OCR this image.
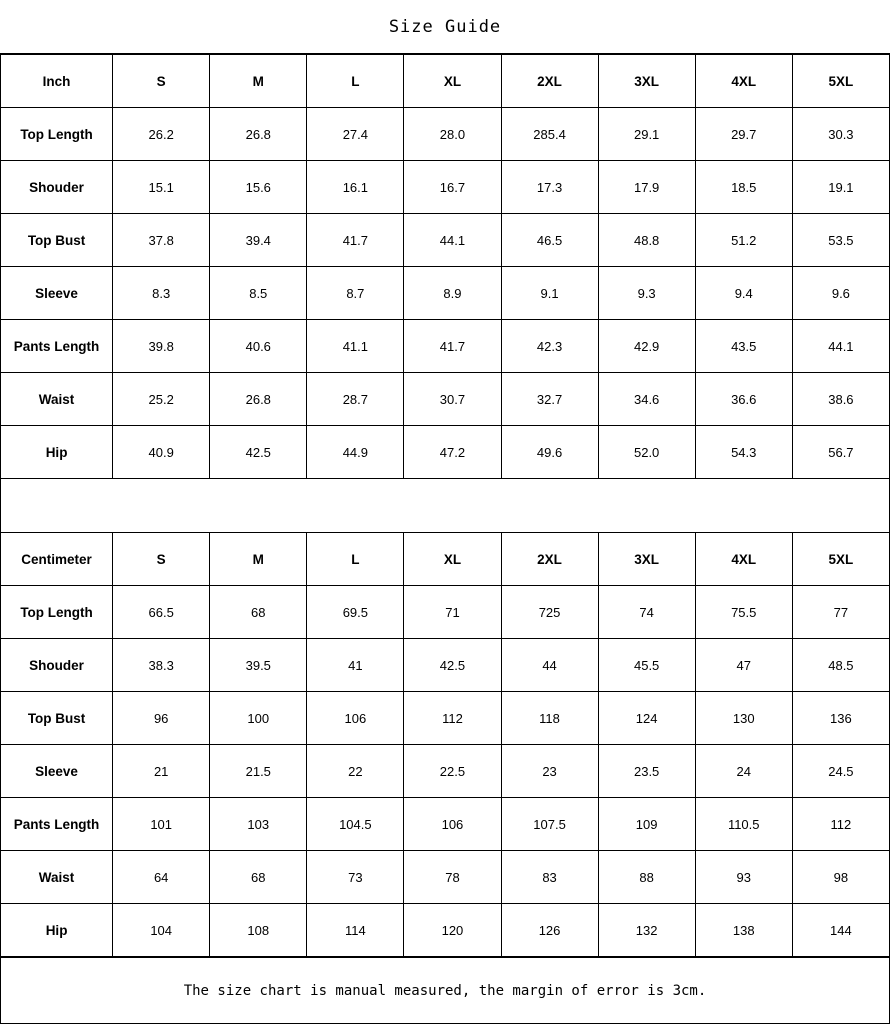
Size Guide
Inch	S	M	L	XL	2XL	3XL	4XL	5XL
Top Length	26.2	26.8	27.4	28.0	285.4	29.1	29.7	30.3
Shouder	15.1	15.6	16.1	16.7	17.3	17.9	18.5	19.1
Top Bust	37.8	39.4	41.7	44.1	46.5	48.8	51.2	53.5
Sleeve	8.3	8.5	8.7	8.9	9.1	9.3	9.4	9.6
Pants Length	39.8	40.6	41.1	41.7	42.3	42.9	43.5	44.1
Waist	25.2	26.8	28.7	30.7	32.7	34.6	36.6	38.6
Hip	40.9	42.5	44.9	47.2	49.6	52.0	54.3	56.7
Centimeter	S	M	L	XL	2XL	3XL	4XL	5XL
Top Length	66.5	68	69.5	71	725	74	75.5	77
Shouder	38.3	39.5	41	42.5	44	45.5	47	48.5
Top Bust	96	100	106	112	118	124	130	136
Sleeve	21	21.5	22	22.5	23	23.5	24	24.5
Pants Length	101	103	104.5	106	107.5	109	110.5	112
Waist	64	68	73	78	83	88	93	98
Hip	104	108	114	120	126	132	138	144
The size chart is manual measured, the margin of error is 3cm.
